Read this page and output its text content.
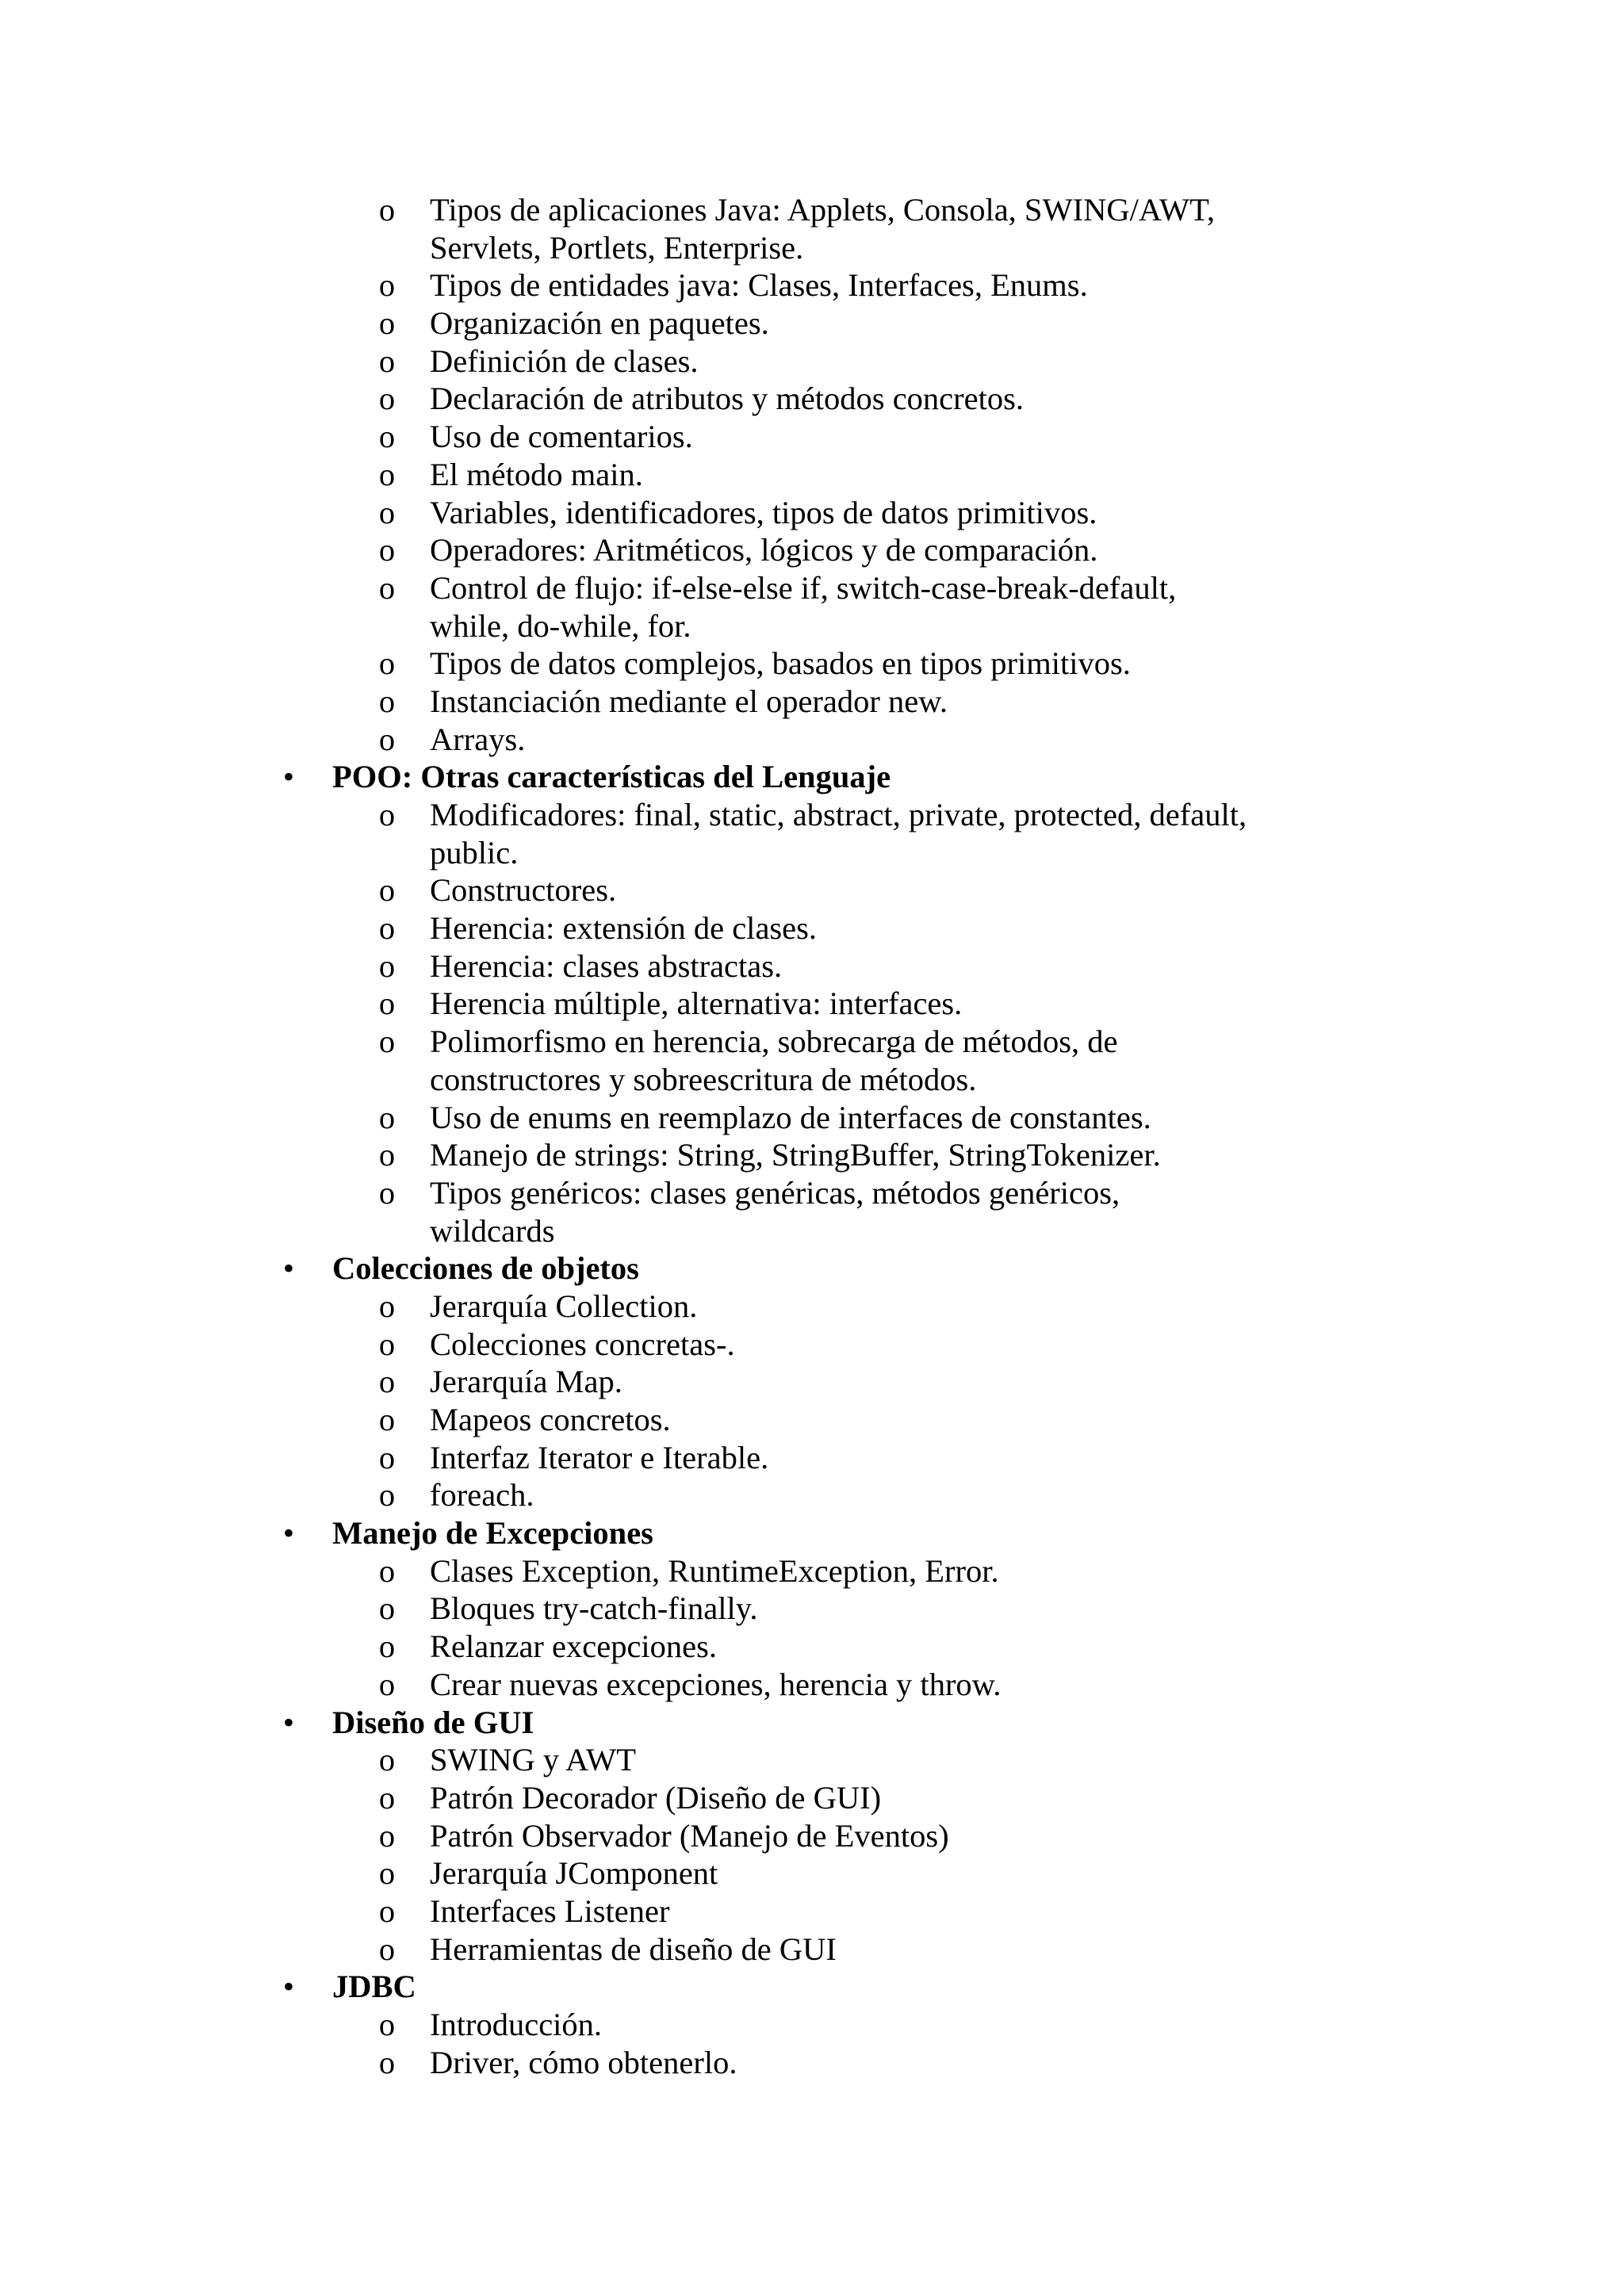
o Tipos de aplicaciones Java: Applets, Consola, SWING/AWT,
Servlets, Portlets, Enterprise.
o Tipos de entidades java: Clases, Interfaces, Enums.
o Organización en paquetes.
o Definición de clases.
o Declaración de atributos y métodos concretos.
o Uso de comentarios.
o El método main.
o Variables, identificadores, tipos de datos primitivos.
o Operadores: Aritméticos, lógicos y de comparación.
o Control de flujo: if-else-else if, switch-case-break-default,
while, do-while, for.
o Tipos de datos complejos, basados en tipos primitivos.
o Instanciación mediante el operador new.
o Arrays.
• POO: Otras características del Lenguaje
o Modificadores: final, static, abstract, private, protected, default,
public.
o Constructores.
o Herencia: extensión de clases.
o Herencia: clases abstractas.
o Herencia múltiple, alternativa: interfaces.
o Polimorfismo en herencia, sobrecarga de métodos, de
constructores y sobreescritura de métodos.
o Uso de enums en reemplazo de interfaces de constantes.
o Manejo de strings: String, StringBuffer, StringTokenizer.
o Tipos genéricos: clases genéricas, métodos genéricos,
wildcards
• Colecciones de objetos
o Jerarquía Collection.
o Colecciones concretas-.
o Jerarquía Map.
o Mapeos concretos.
o Interfaz Iterator e Iterable.
o foreach.
• Manejo de Excepciones
o Clases Exception, RuntimeException, Error.
o Bloques try-catch-finally.
o Relanzar excepciones.
o Crear nuevas excepciones, herencia y throw.
• Diseño de GUI
o SWING y AWT
o Patrón Decorador (Diseño de GUI)
o Patrón Observador (Manejo de Eventos)
o Jerarquía JComponent
o Interfaces Listener
o Herramientas de diseño de GUI
• JDBC
o Introducción.
o Driver, cómo obtenerlo.
